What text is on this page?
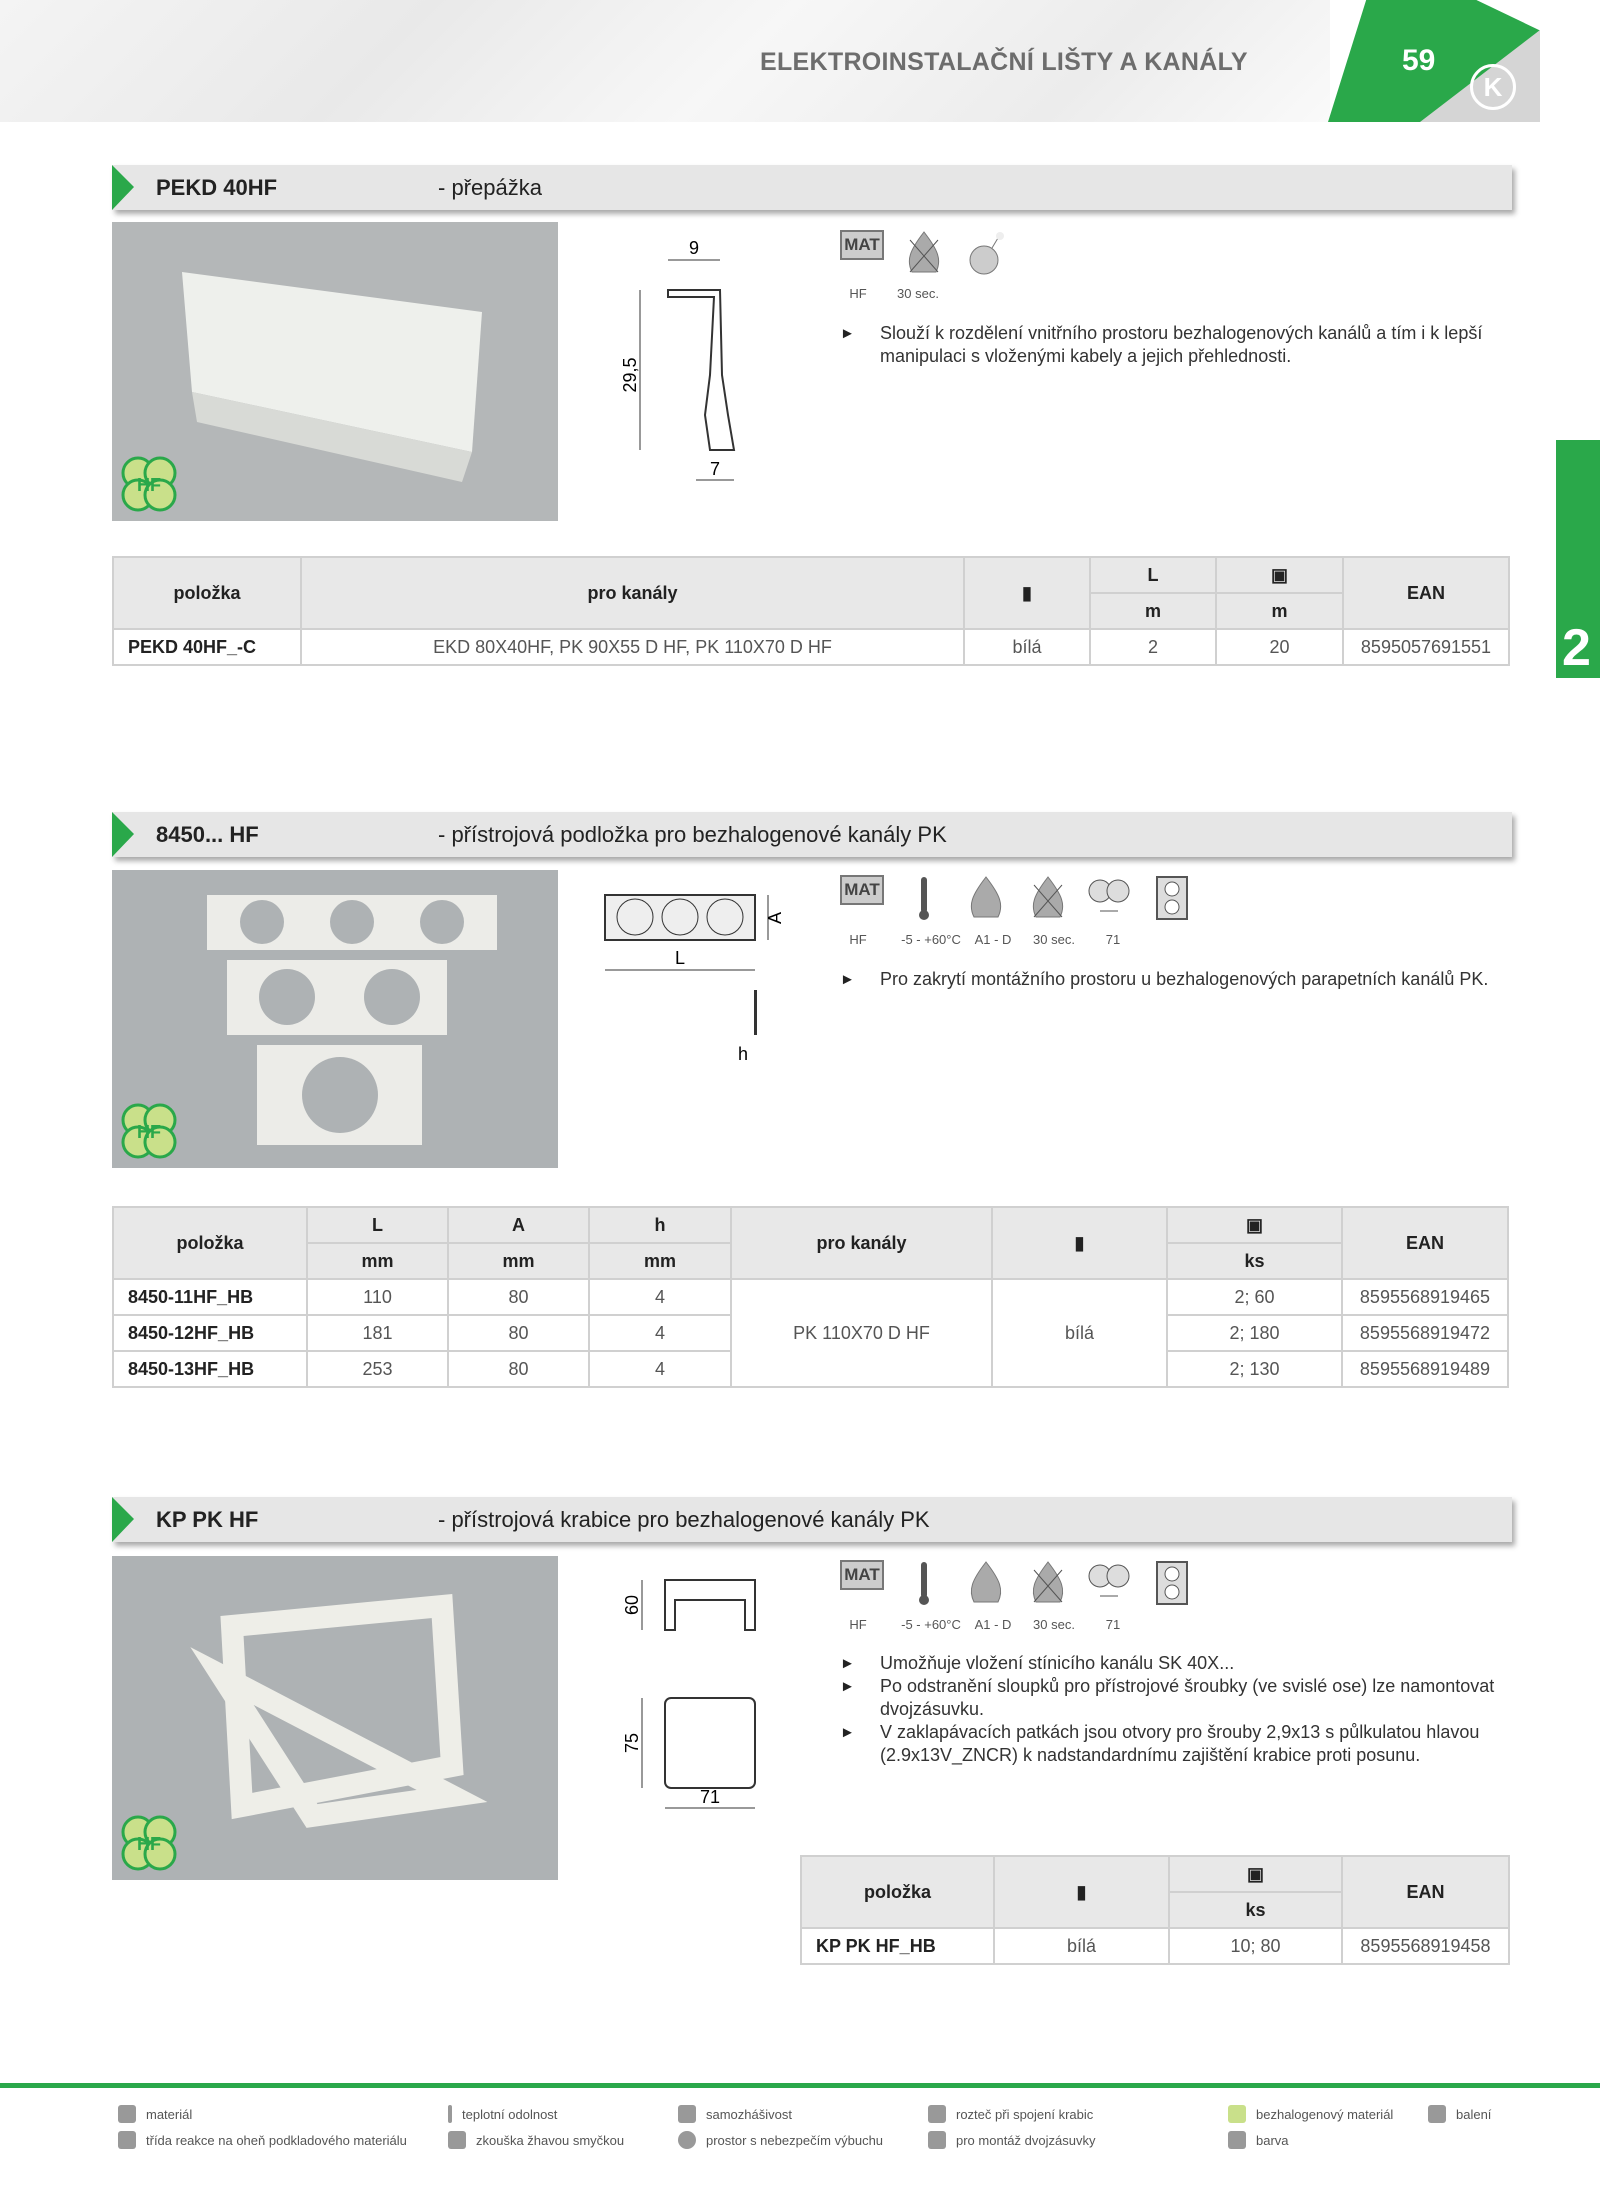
ELEKTROINSTALAČNÍ LIŠTY A KANÁLY	59
K
2
PEKD 40HF	- přepážka
HF
9
29,5
7
MAT
HF	30 sec.
► Slouží k rozdělení vnitřního prostoru bezhalogenových kanálů a tím i k lepší manipulaci s vloženými kabely a jejich přehlednosti.
položka	pro kanály	▮	L	▣	EAN
			m	m	
PEKD 40HF_-C	EKD 80X40HF, PK 90X55 D HF, PK 110X70 D HF	bílá	2	20	8595057691551
8450... HF	- přístrojová podložka pro bezhalogenové kanály PK
HF
L
A
h
MAT
HF	-5 - +60°C	A1 - D	30 sec.	71
► Pro zakrytí montážního prostoru u bezhalogenových parapetních kanálů PK.
položka	L	A	h	pro kanály	▮	▣	EAN
	mm	mm	mm			ks	
8450-11HF_HB	110	80	4	PK 110X70 D HF	bílá	2; 60	8595568919465
8450-12HF_HB	181	80	4			2; 180	8595568919472
8450-13HF_HB	253	80	4			2; 130	8595568919489
KP PK HF	- přístrojová krabice pro bezhalogenové kanály PK
HF
60
75
71
MAT
HF	-5 - +60°C	A1 - D	30 sec.	71
► Umožňuje vložení stínicího kanálu SK 40X...
► Po odstranění sloupků pro přístrojové šroubky (ve svislé ose) lze namontovat dvojzásuvku.
► V zaklapávacích patkách jsou otvory pro šrouby 2,9x13 s půlkulatou hlavou (2.9x13V_ZNCR) k nadstandardnímu zajištění krabice proti posunu.
položka	▮	▣	EAN
		ks	
KP PK HF_HB	bílá	10; 80	8595568919458
materiál	teplotní odolnost	samozhášivost	rozteč při spojení krabic	bezhalogenový materiál	balení
třída reakce na oheň podkladového materiálu	zkouška žhavou smyčkou	prostor s nebezpečím výbuchu	pro montáž dvojzásuvky	barva
